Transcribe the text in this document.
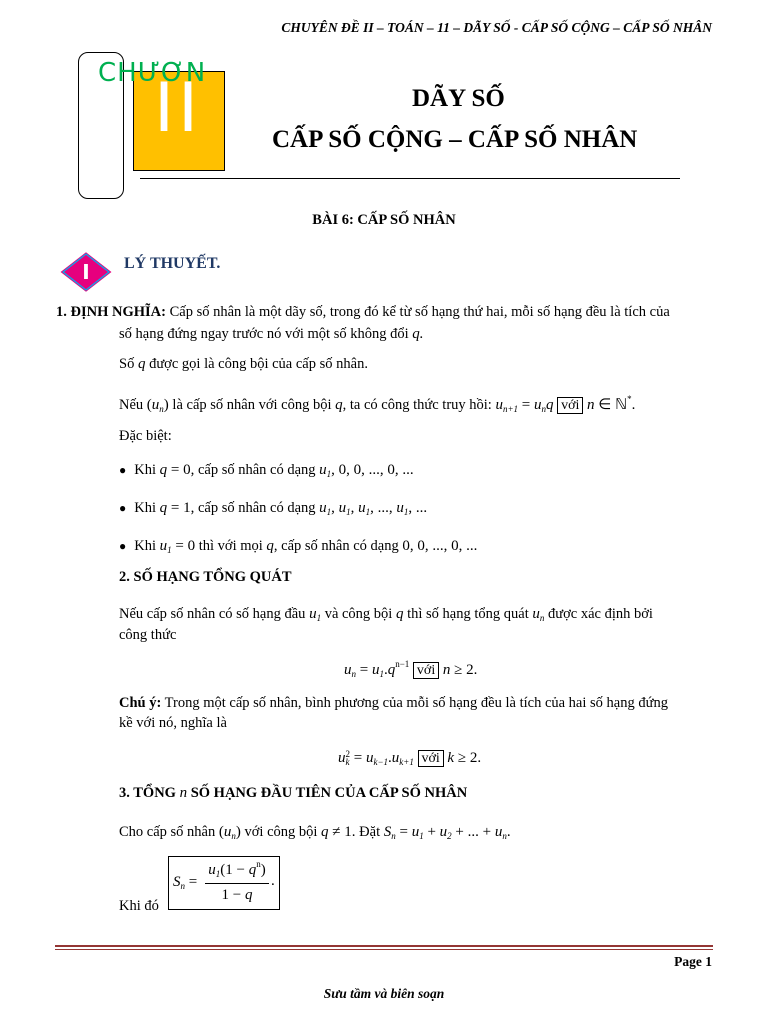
CHUYÊN ĐỀ II – TOÁN – 11 – DÃY SỐ - CẤP SỐ CỘNG – CẤP SỐ NHÂN
II
CHƯƠN
DÃY SỐ
CẤP SỐ CỘNG – CẤP SỐ NHÂN
BÀI 6: CẤP SỐ NHÂN
I LÝ THUYẾT.
1. ĐỊNH NGHĨA: Cấp số nhân là một dãy số, trong đó kể từ số hạng thứ hai, mỗi số hạng đều là tích của
số hạng đứng ngay trước nó với một số không đổi q.
Số q được gọi là công bội của cấp số nhân.
Nếu $(u_n)$ là cấp số nhân với công bội q, ta có công thức truy hồi: $u_{n+1} = u_nq$ với n ∈ ℕ*.
Đặc biệt:
● Khi q = 0, cấp số nhân có dạng $u_1$, 0, 0, ..., 0, ...
● Khi q = 1, cấp số nhân có dạng $u_1$, $u_1$, $u_1$, ..., $u_1$, ...
● Khi $u_1 = 0$ thì với mọi q, cấp số nhân có dạng 0, 0, ..., 0, ...
2. SỐ HẠNG TỔNG QUÁT
Nếu cấp số nhân có số hạng đầu $u_1$ và công bội q thì số hạng tổng quát $u_n$ được xác định bởi
công thức
$u_n = u_1.q^{n-1}$ với n ≥ 2.
Chú ý: Trong một cấp số nhân, bình phương của mỗi số hạng đều là tích của hai số hạng đứng
kề với nó, nghĩa là
u2
$k = u_{k-1}.u_{k+1}$ với k ≥ 2.
3. TỔNG n SỐ HẠNG ĐẦU TIÊN CỦA CẤP SỐ NHÂN
Cho cấp số nhân $(u_n)$ với công bội q ≠ 1. Đặt $S_n = u_1 + u_2$ + ... + $u_n$.
Khi đó
$S_n$ =
$u_1(1 - q^n)$
1 − q
.
Page 1
Sưu tầm và biên soạn
